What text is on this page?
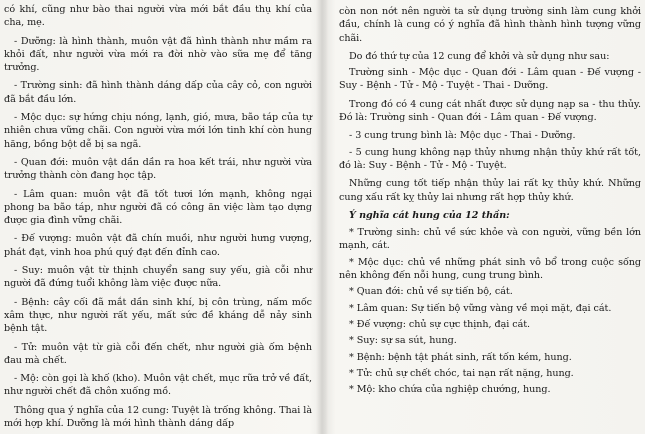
có khí, cũng như bào thai người vừa mới bắt đầu thụ khí của cha, mẹ.

- Dưỡng: là hình thành, muôn vật đã hình thành như mầm ra khỏi đất, như người vừa mới ra đời nhờ vào sữa mẹ để tăng trưởng.

- Trường sinh: đã hình thành dáng dấp của cây cỏ, con người đã bắt đầu lớn.

- Mộc dục: sự hứng chịu nóng, lạnh, gió, mưa, bão táp của tự nhiên chưa vững chãi. Con người vừa mới lớn tinh khí còn hung hăng, bồng bột dễ bị sa ngã.

- Quan đới: muôn vật dần dần ra hoa kết trái, như người vừa trưởng thành còn đang học tập.

- Lâm quan: muôn vật đã tốt tươi lớn mạnh, không ngại phong ba bão táp, như người đã có công ăn việc làm tạo dựng được gia đình vững chãi.

- Đế vượng: muôn vật đã chín muồi, như người hưng vượng, phát đạt, vinh hoa phú quý đạt đến đỉnh cao.

- Suy: muôn vật từ thịnh chuyển sang suy yếu, già cỗi như người đã đứng tuổi không làm việc được nữa.

- Bệnh: cây cối đã mắt dần sinh khí, bị côn trùng, nấm mốc xâm thực, như người rất yếu, mất sức đề kháng dễ nảy sinh bệnh tật.

- Tử: muôn vật từ già cỗi đến chết, như người già ốm bệnh đau mà chết.

- Mộ: còn gọi là khố (kho). Muôn vật chết, mục rữa trở về đất, như người chết đã chôn xuống mồ.

Thông qua ý nghĩa của 12 cung: Tuyệt là trống không. Thai là mới hợp khí. Dưỡng là mới hình thành dáng dấp

còn non nớt nên người ta sử dụng trường sinh làm cung khởi đầu, chính là cung có ý nghĩa đã hình thành hình tượng vững chãi.

Do đó thứ tự của 12 cung để khởi và sử dụng như sau:

Trường sinh - Mộc dục - Quan đới - Lâm quan - Đế vượng - Suy - Bệnh - Tử - Mộ - Tuyệt - Thai - Dưỡng.

Trong đó có 4 cung cát nhất được sử dụng nạp sa - thu thủy. Đó là: Trường sinh - Quan đới - Lâm quan - Đế vượng.

- 3 cung trung bình là: Mộc dục - Thai - Dưỡng.

- 5 cung hung không nạp thủy nhưng nhận thủy khứ rất tốt, đó là: Suy - Bệnh - Tử - Mộ - Tuyệt.

Những cung tốt tiếp nhận thủy lai rất kỵ thủy khứ. Những cung xấu rất kỵ thủy lai nhưng rất hợp thủy khứ.

Ý nghĩa cát hung của 12 thần:

* Trường sinh: chủ về sức khỏe và con người, vững bền lớn mạnh, cát.

* Mộc dục: chủ về những phát sinh vô bổ trong cuộc sống nên không đến nỗi hung, cung trung bình.

* Quan đới: chủ về sự tiến bộ, cát.

* Lâm quan: Sự tiến bộ vững vàng về mọi mặt, đại cát.

* Đế vượng: chủ sự cực thịnh, đại cát.

* Suy: sự sa sút, hung.

* Bệnh: bệnh tật phát sinh, rất tốn kém, hung.

* Tử: chủ sự chết chóc, tai nạn rất nặng, hung.

* Mộ: kho chứa của nghiệp chướng, hung.
